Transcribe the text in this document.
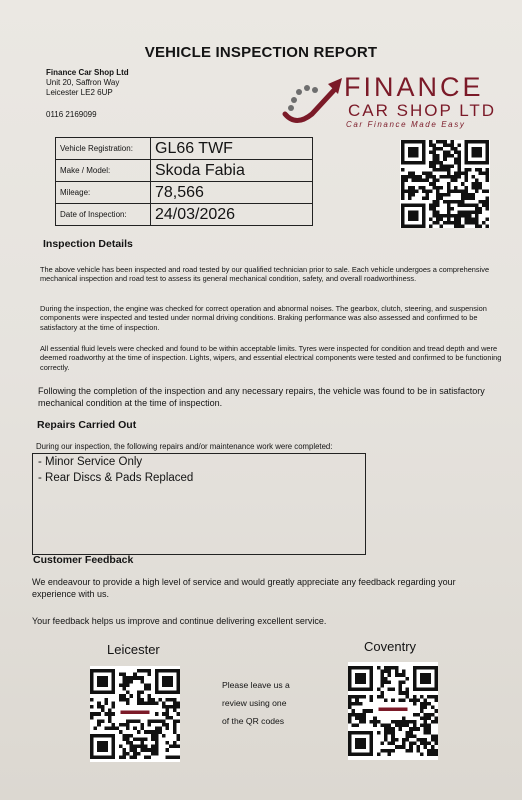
VEHICLE INSPECTION REPORT
Finance Car Shop Ltd
Unit 20, Saffron Way
Leicester LE2 6UP
0116 2169099
FINANCE
CAR SHOP LTD
Car Finance Made Easy
Vehicle Registration:	GL66 TWF
Make / Model:	Skoda Fabia
Mileage:	78,566
Date of Inspection:	24/03/2026
Inspection Details
The above vehicle has been inspected and road tested by our qualified technician prior to sale. Each vehicle undergoes a comprehensive mechanical inspection and road test to assess its general mechanical condition, safety, and overall roadworthiness.
During the inspection, the engine was checked for correct operation and abnormal noises. The gearbox, clutch, steering, and suspension components were inspected and tested under normal driving conditions. Braking performance was also assessed and confirmed to be satisfactory at the time of inspection.
All essential fluid levels were checked and found to be within acceptable limits. Tyres were inspected for condition and tread depth and were deemed roadworthy at the time of inspection. Lights, wipers, and essential electrical components were tested and confirmed to be functioning correctly.
Following the completion of the inspection and any necessary repairs, the vehicle was found to be in satisfactory mechanical condition at the time of inspection.
Repairs Carried Out
During our inspection, the following repairs and/or maintenance work were completed:
- Minor Service Only
- Rear Discs & Pads Replaced
Customer Feedback
We endeavour to provide a high level of service and would greatly appreciate any feedback regarding your experience with us.
Your feedback helps us improve and continue delivering excellent service.
Leicester	Coventry
Please leave us a
review using one
of the QR codes
